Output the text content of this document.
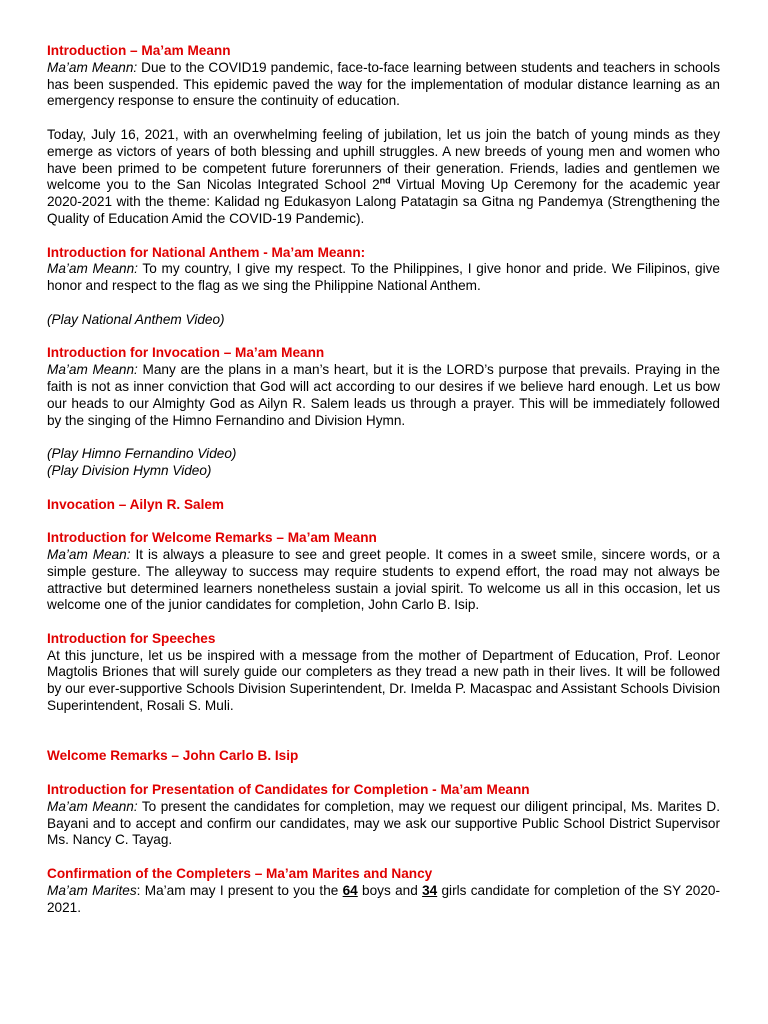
Introduction – Ma’am Meann

Ma’am Meann: Due to the COVID19 pandemic, face-to-face learning between students and teachers in schools has been suspended. This epidemic paved the way for the implementation of modular distance learning as an emergency response to ensure the continuity of education.

Today, July 16, 2021, with an overwhelming feeling of jubilation, let us join the batch of young minds as they emerge as victors of years of both blessing and uphill struggles. A new breeds of young men and women who have been primed to be competent future forerunners of their generation. Friends, ladies and gentlemen we welcome you to the San Nicolas Integrated School 2nd Virtual Moving Up Ceremony for the academic year 2020-2021 with the theme: Kalidad ng Edukasyon Lalong Patatagin sa Gitna ng Pandemya (Strengthening the Quality of Education Amid the COVID-19 Pandemic).

Introduction for National Anthem - Ma’am Meann:

Ma’am Meann: To my country, I give my respect. To the Philippines, I give honor and pride. We Filipinos, give honor and respect to the flag as we sing the Philippine National Anthem.

(Play National Anthem Video)

Introduction for Invocation – Ma’am Meann

Ma’am Meann: Many are the plans in a man’s heart, but it is the LORD’s purpose that prevails. Praying in the faith is not as inner conviction that God will act according to our desires if we believe hard enough. Let us bow our heads to our Almighty God as Ailyn R. Salem leads us through a prayer. This will be immediately followed by the singing of the Himno Fernandino and Division Hymn.

(Play Himno Fernandino Video)

(Play Division Hymn Video)

Invocation – Ailyn R. Salem
Introduction for Welcome Remarks – Ma’am Meann

Ma’am Mean: It is always a pleasure to see and greet people. It comes in a sweet smile, sincere words, or a simple gesture. The alleyway to success may require students to expend effort, the road may not always be attractive but determined learners nonetheless sustain a jovial spirit. To welcome us all in this occasion, let us welcome one of the junior candidates for completion, John Carlo B. Isip.

Introduction for Speeches

At this juncture, let us be inspired with a message from the mother of Department of Education, Prof. Leonor Magtolis Briones that will surely guide our completers as they tread a new path in their lives. It will be followed by our ever-supportive Schools Division Superintendent, Dr. Imelda P. Macaspac and Assistant Schools Division Superintendent, Rosali S. Muli.

Welcome Remarks – John Carlo B. Isip
Introduction for Presentation of Candidates for Completion - Ma’am Meann

Ma’am Meann: To present the candidates for completion, may we request our diligent principal, Ms. Marites D. Bayani and to accept and confirm our candidates, may we ask our supportive Public School District Supervisor Ms. Nancy C. Tayag.

Confirmation of the Completers – Ma’am Marites and Nancy

Ma’am Marites: Ma’am may I present to you the 64 boys and 34 girls candidate for completion of the SY 2020-2021.
